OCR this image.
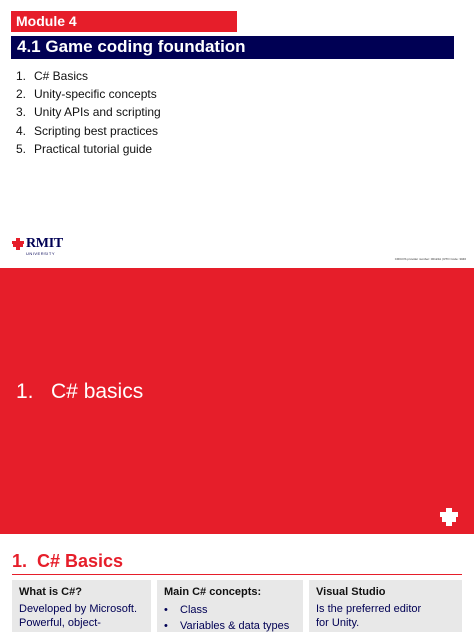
Module 4
4.1 Game coding foundation
1. C# Basics
2. Unity-specific concepts
3. Unity APIs and scripting
4. Scripting best practices
5. Practical tutorial guide
RMIT
UNIVERSITY
CRICOS provider number: 00122A | RTO Code: 3046
1.   C# basics
1.  C# Basics
What is C#?
Developed by Microsoft.
Powerful, object-
Main C# concepts:
•	Class
•	Variables & data types
Visual Studio
Is the preferred editor
for Unity.
